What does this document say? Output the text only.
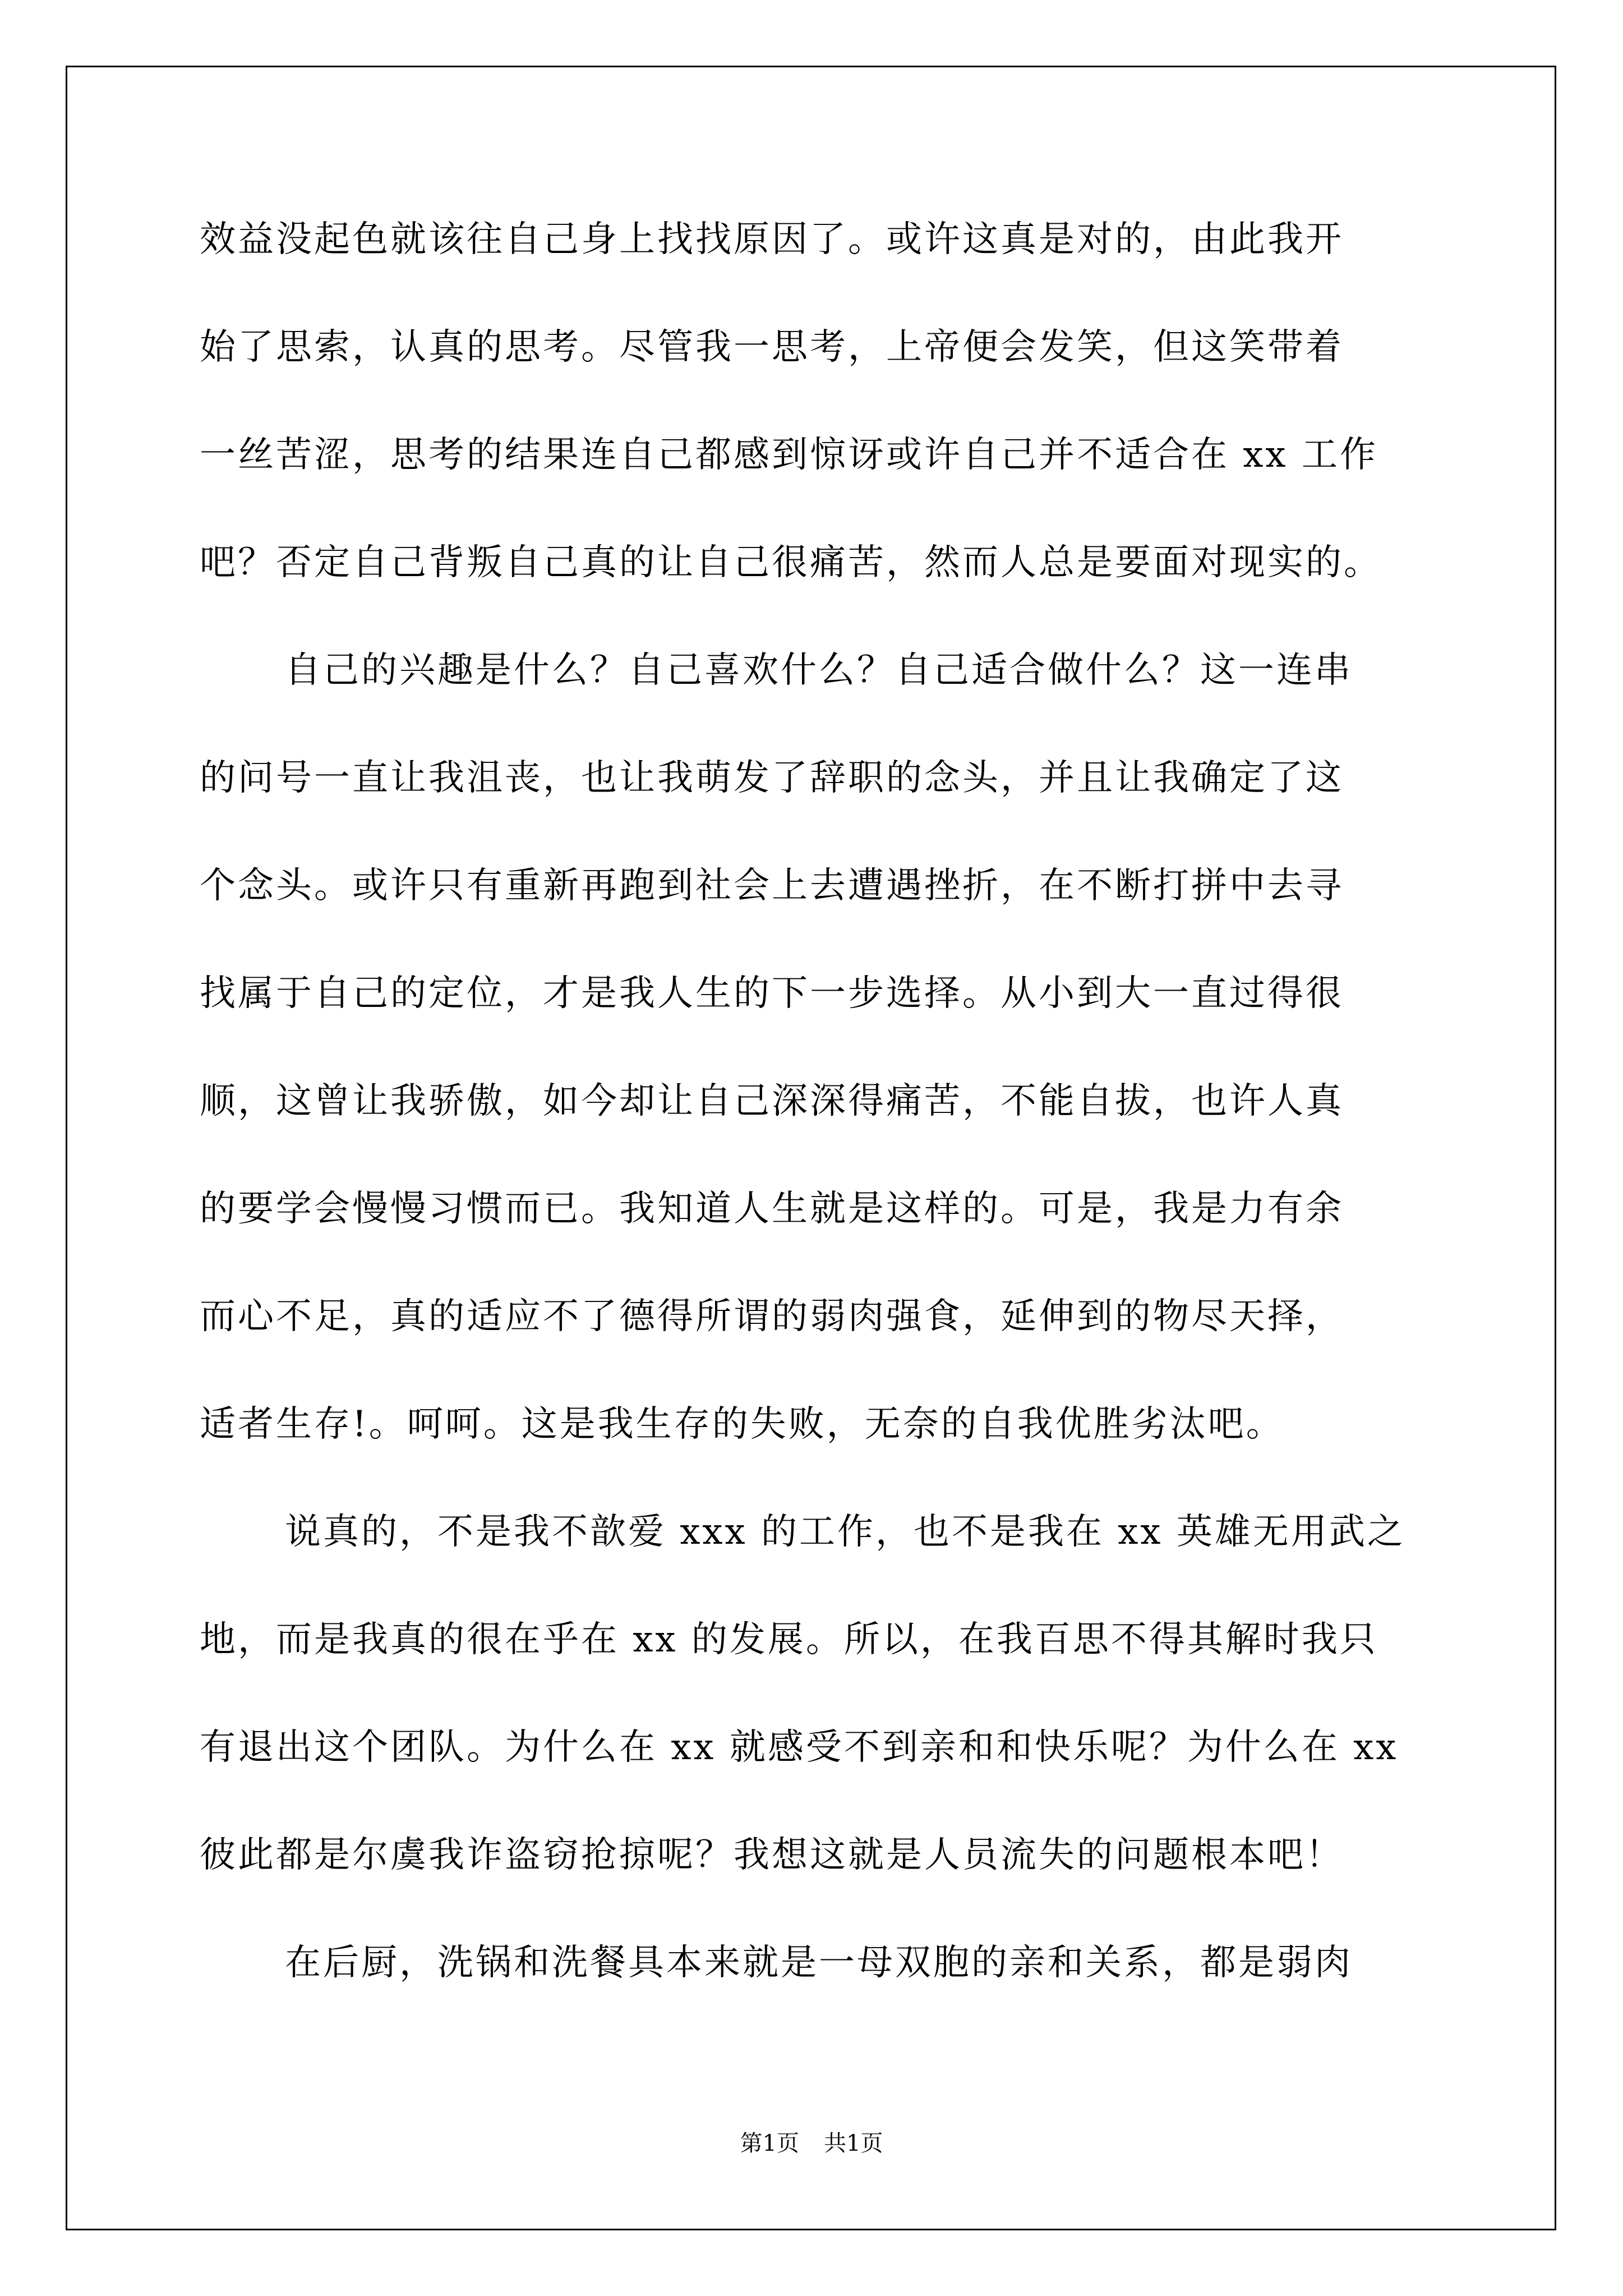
效益没起色就该往自己身上找找原因了。或许这真是对的，由此我开
始了思索，认真的思考。尽管我一思考，上帝便会发笑，但这笑带着
一丝苦涩，思考的结果连自己都感到惊讶或许自己并不适合在 xx 工作
吧？否定自己背叛自己真的让自己很痛苦，然而人总是要面对现实的。
自己的兴趣是什么？自己喜欢什么？自己适合做什么？这一连串
的问号一直让我沮丧，也让我萌发了辞职的念头，并且让我确定了这
个念头。或许只有重新再跑到社会上去遭遇挫折，在不断打拼中去寻
找属于自己的定位，才是我人生的下一步选择。从小到大一直过得很
顺，这曾让我骄傲，如今却让自己深深得痛苦，不能自拔，也许人真
的要学会慢慢习惯而已。我知道人生就是这样的。可是，我是力有余
而心不足，真的适应不了德得所谓的弱肉强食，延伸到的物尽天择，
适者生存!。呵呵。这是我生存的失败，无奈的自我优胜劣汰吧。
说真的，不是我不歆爱 xxx 的工作，也不是我在 xx 英雄无用武之
地，而是我真的很在乎在 xx 的发展。所以，在我百思不得其解时我只
有退出这个团队。为什么在 xx 就感受不到亲和和快乐呢？为什么在 xx
彼此都是尔虞我诈盗窃抢掠呢？我想这就是人员流失的问题根本吧！
在后厨，洗锅和洗餐具本来就是一母双胞的亲和关系，都是弱肉
第1页 共1页
